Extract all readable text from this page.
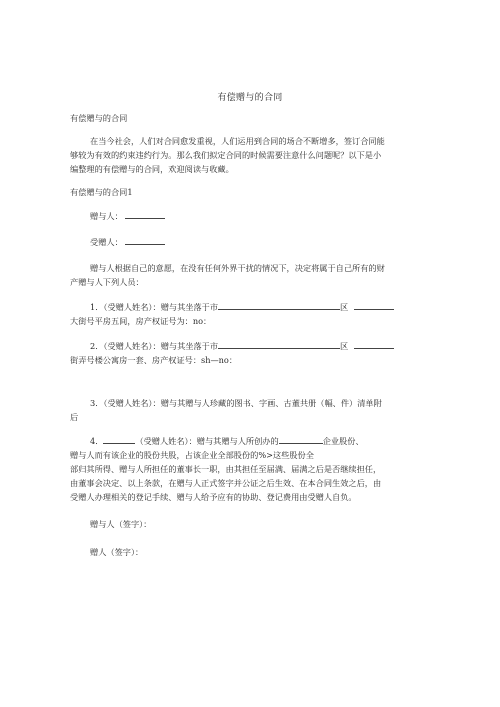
有偿赠与的合同
有偿赠与的合同
在当今社会，人们对合同愈发重视，人们运用到合同的场合不断增多，签订合同能
够较为有效的约束违约行为。那么我们拟定合同的时候需要注意什么问题呢？以下是小
编整理的有偿赠与的合同，欢迎阅读与收藏。
有偿赠与的合同1
赠与人：
受赠人：
赠与人根据自己的意愿，在没有任何外界干扰的情况下，决定将属于自己所有的财
产赠与人下列人员：
1．（受赠人姓名）：赠与其坐落于市	区
大街号平房五间，房产权证号为：no：
2．（受赠人姓名）：赠与其坐落于市	区
街弄号楼公寓房一套、房产权证号：sh—no：
3．（受赠人姓名）：赠与其赠与人珍藏的图书、字画、古董共册（幅、件）清单附
后
4．	（受赠人姓名）：赠与其赠与人所创办的	企业股份、
赠与人而有该企业的股份共股，占该企业全部股份的%>这些股份全
部归其所得、赠与人所担任的董事长一职，由其担任至届满、届满之后是否继续担任，
由董事会决定、以上条款，在赠与人正式签字并公证之后生效、在本合同生效之后，由
受赠人办理相关的登记手续、赠与人给予应有的协助、登记费用由受赠人自负。
赠与人（签字）：
赠人（签字）：
